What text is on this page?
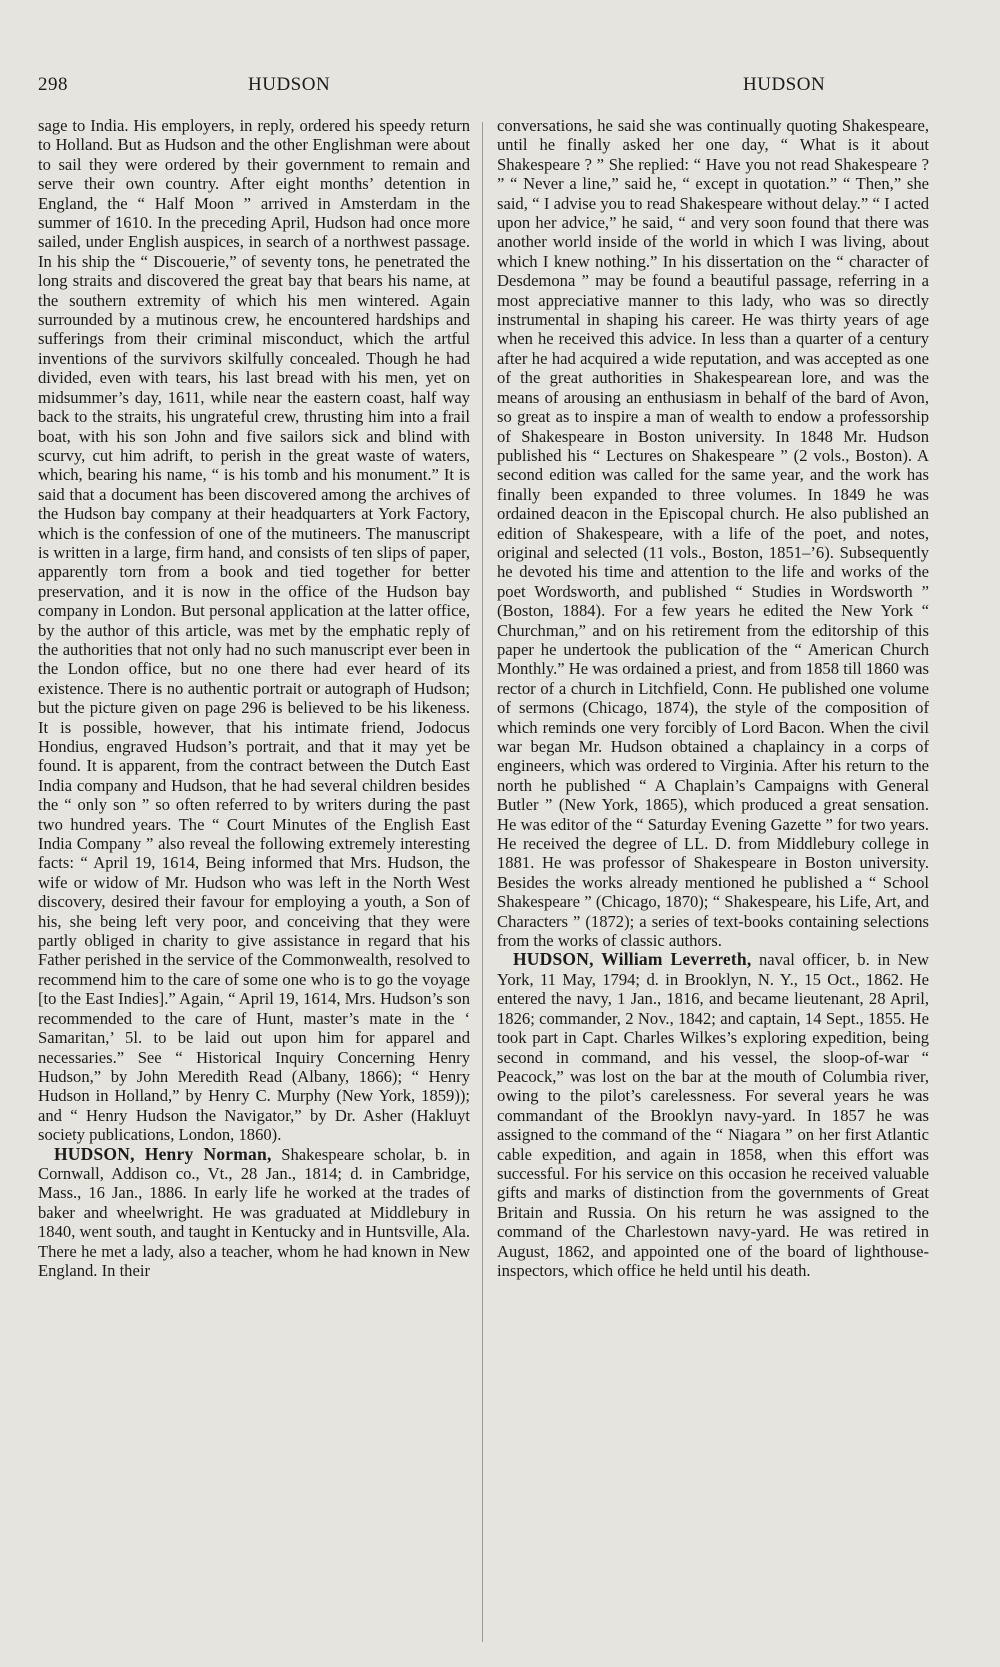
298	HUDSON	HUDSON

sage to India. His employers, in reply, ordered his speedy return to Holland. But as Hudson and the other Englishman were about to sail they were ordered by their government to remain and serve their own country. After eight months’ detention in England, the “ Half Moon ” arrived in Amsterdam in the summer of 1610. In the preceding April, Hudson had once more sailed, under English auspices, in search of a northwest passage. In his ship the “ Discouerie,” of seventy tons, he penetrated the long straits and discovered the great bay that bears his name, at the southern extremity of which his men wintered. Again surrounded by a mutinous crew, he encountered hardships and sufferings from their criminal misconduct, which the artful inventions of the survivors skilfully concealed. Though he had divided, even with tears, his last bread with his men, yet on midsummer’s day, 1611, while near the eastern coast, half way back to the straits, his ungrateful crew, thrusting him into a frail boat, with his son John and five sailors sick and blind with scurvy, cut him adrift, to perish in the great waste of waters, which, bearing his name, “ is his tomb and his monument.” It is said that a document has been discovered among the archives of the Hudson bay company at their headquarters at York Factory, which is the confession of one of the mutineers. The manuscript is written in a large, firm hand, and consists of ten slips of paper, apparently torn from a book and tied together for better preservation, and it is now in the office of the Hudson bay company in London. But personal application at the latter office, by the author of this article, was met by the emphatic reply of the authorities that not only had no such manuscript ever been in the London office, but no one there had ever heard of its existence. There is no authentic portrait or autograph of Hudson; but the picture given on page 296 is believed to be his likeness. It is possible, however, that his intimate friend, Jodocus Hondius, engraved Hudson’s portrait, and that it may yet be found. It is apparent, from the contract between the Dutch East India company and Hudson, that he had several children besides the “ only son ” so often referred to by writers during the past two hundred years. The “ Court Minutes of the English East India Company ” also reveal the following extremely interesting facts: “ April 19, 1614, Being informed that Mrs. Hudson, the wife or widow of Mr. Hudson who was left in the North West discovery, desired their favour for employing a youth, a Son of his, she being left very poor, and conceiving that they were partly obliged in charity to give assistance in regard that his Father perished in the service of the Commonwealth, resolved to recommend him to the care of some one who is to go the voyage [to the East Indies].” Again, “ April 19, 1614, Mrs. Hudson’s son recommended to the care of Hunt, master’s mate in the ‘ Samaritan,’ 5l. to be laid out upon him for apparel and necessaries.” See “ Historical Inquiry Concerning Henry Hudson,” by John Meredith Read (Albany, 1866); “ Henry Hudson in Holland,” by Henry C. Murphy (New York, 1859)); and “ Henry Hudson the Navigator,” by Dr. Asher (Hakluyt society publications, London, 1860).

HUDSON, Henry Norman, Shakespeare scholar, b. in Cornwall, Addison co., Vt., 28 Jan., 1814; d. in Cambridge, Mass., 16 Jan., 1886. In early life he worked at the trades of baker and wheelwright. He was graduated at Middlebury in 1840, went south, and taught in Kentucky and in Huntsville, Ala. There he met a lady, also a teacher, whom he had known in New England. In their

conversations, he said she was continually quoting Shakespeare, until he finally asked her one day, “ What is it about Shakespeare ? ” She replied: “ Have you not read Shakespeare ? ” “ Never a line,” said he, “ except in quotation.” “ Then,” she said, “ I advise you to read Shakespeare without delay.” “ I acted upon her advice,” he said, “ and very soon found that there was another world inside of the world in which I was living, about which I knew nothing.” In his dissertation on the “ character of Desdemona ” may be found a beautiful passage, referring in a most appreciative manner to this lady, who was so directly instrumental in shaping his career. He was thirty years of age when he received this advice. In less than a quarter of a century after he had acquired a wide reputation, and was accepted as one of the great authorities in Shakespearean lore, and was the means of arousing an enthusiasm in behalf of the bard of Avon, so great as to inspire a man of wealth to endow a professorship of Shakespeare in Boston university. In 1848 Mr. Hudson published his “ Lectures on Shakespeare ” (2 vols., Boston). A second edition was called for the same year, and the work has finally been expanded to three volumes. In 1849 he was ordained deacon in the Episcopal church. He also published an edition of Shakespeare, with a life of the poet, and notes, original and selected (11 vols., Boston, 1851–’6). Subsequently he devoted his time and attention to the life and works of the poet Wordsworth, and published “ Studies in Wordsworth ” (Boston, 1884). For a few years he edited the New York “ Churchman,” and on his retirement from the editorship of this paper he undertook the publication of the “ American Church Monthly.” He was ordained a priest, and from 1858 till 1860 was rector of a church in Litchfield, Conn. He published one volume of sermons (Chicago, 1874), the style of the composition of which reminds one very forcibly of Lord Bacon. When the civil war began Mr. Hudson obtained a chaplaincy in a corps of engineers, which was ordered to Virginia. After his return to the north he published “ A Chaplain’s Campaigns with General Butler ” (New York, 1865), which produced a great sensation. He was editor of the “ Saturday Evening Gazette ” for two years. He received the degree of LL. D. from Middlebury college in 1881. He was professor of Shakespeare in Boston university. Besides the works already mentioned he published a “ School Shakespeare ” (Chicago, 1870); “ Shakespeare, his Life, Art, and Characters ” (1872); a series of text-books containing selections from the works of classic authors.

HUDSON, William Leverreth, naval officer, b. in New York, 11 May, 1794; d. in Brooklyn, N. Y., 15 Oct., 1862. He entered the navy, 1 Jan., 1816, and became lieutenant, 28 April, 1826; commander, 2 Nov., 1842; and captain, 14 Sept., 1855. He took part in Capt. Charles Wilkes’s exploring expedition, being second in command, and his vessel, the sloop-of-war “ Peacock,” was lost on the bar at the mouth of Columbia river, owing to the pilot’s carelessness. For several years he was commandant of the Brooklyn navy-yard. In 1857 he was assigned to the command of the “ Niagara ” on her first Atlantic cable expedition, and again in 1858, when this effort was successful. For his service on this occasion he received valuable gifts and marks of distinction from the governments of Great Britain and Russia. On his return he was assigned to the command of the Charlestown navy-yard. He was retired in August, 1862, and appointed one of the board of lighthouse-inspectors, which office he held until his death.
